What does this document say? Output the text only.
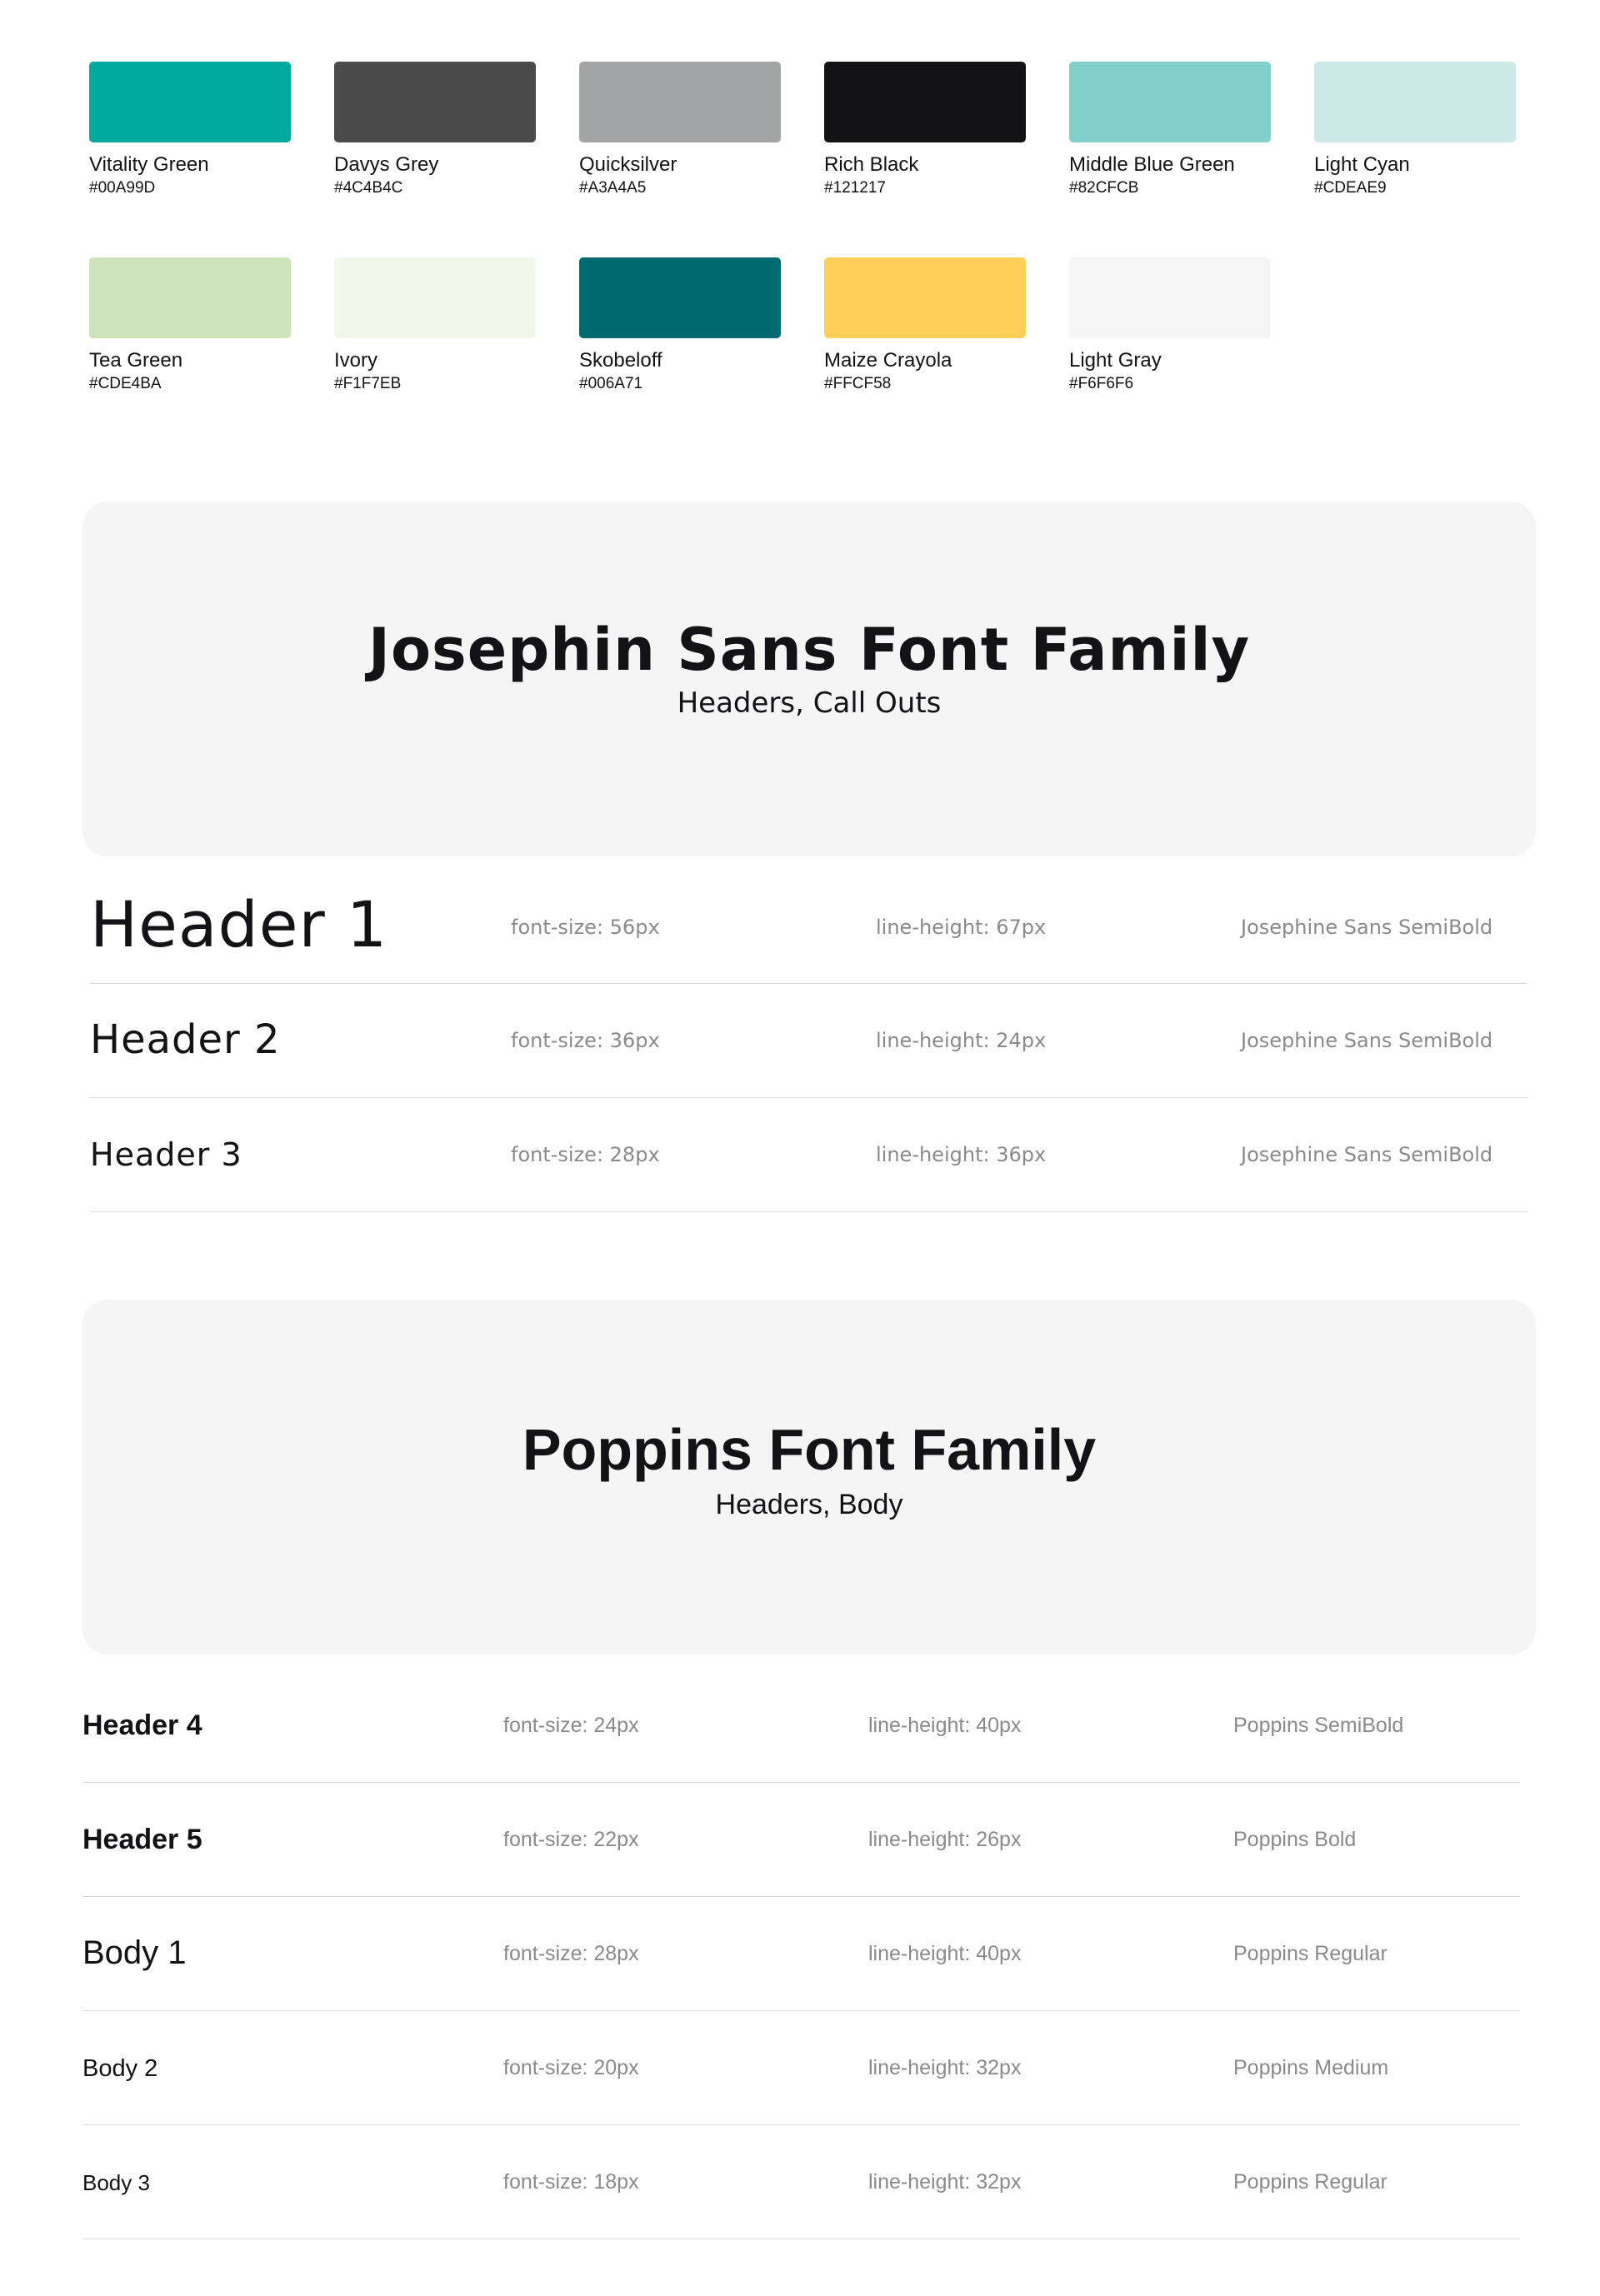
Vitality Green
#00A99D
Davys Grey
#4C4B4C
Quicksilver
#A3A4A5
Rich Black
#121217
Middle Blue Green
#82CFCB
Light Cyan
#CDEAE9
Tea Green
#CDE4BA
Ivory
#F1F7EB
Skobeloff
#006A71
Maize Crayola
#FFCF58
Light Gray
#F6F6F6
Josephin Sans Font Family
Headers, Call Outs
Header 1	font-size: 56px	line-height: 67px	Josephine Sans SemiBold
Header 2	font-size: 36px	line-height: 24px	Josephine Sans SemiBold
Header 3	font-size: 28px	line-height: 36px	Josephine Sans SemiBold
Poppins Font Family
Headers, Body
Header 4	font-size: 24px	line-height: 40px	Poppins SemiBold
Header 5	font-size: 22px	line-height: 26px	Poppins Bold
Body 1	font-size: 28px	line-height: 40px	Poppins Regular
Body 2	font-size: 20px	line-height: 32px	Poppins Medium
Body 3	font-size: 18px	line-height: 32px	Poppins Regular
